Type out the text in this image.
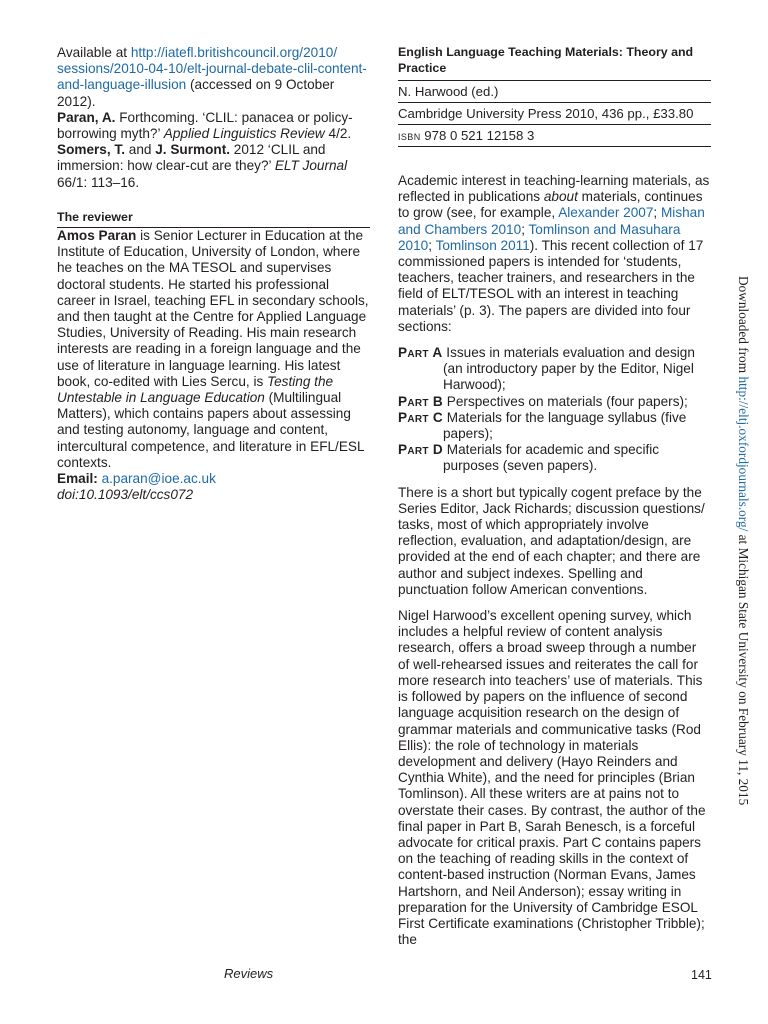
Available at http://iatefl.britishcouncil.org/2010/ sessions/2010-04-10/elt-journal-debate-clil-content-and-language-illusion (accessed on 9 October 2012).

Paran, A. Forthcoming. ‘CLIL: panacea or policy-borrowing myth?’ Applied Linguistics Review 4/2.

Somers, T. and J. Surmont. 2012 ‘CLIL and immersion: how clear-cut are they?’ ELT Journal 66/1: 113–16.

The reviewer

Amos Paran is Senior Lecturer in Education at the Institute of Education, University of London, where he teaches on the MA TESOL and supervises doctoral students. He started his professional career in Israel, teaching EFL in secondary schools, and then taught at the Centre for Applied Language Studies, University of Reading. His main research interests are reading in a foreign language and the use of literature in language learning. His latest book, co-edited with Lies Sercu, is Testing the Untestable in Language Education (Multilingual Matters), which contains papers about assessing and testing autonomy, language and content, intercultural competence, and literature in EFL/ESL contexts.

Email: a.paran@ioe.ac.uk

doi:10.1093/elt/ccs072

English Language Teaching Materials: Theory and Practice
N. Harwood (ed.)
Cambridge University Press 2010, 436 pp., £33.80
isbn 978 0 521 12158 3

Academic interest in teaching-learning materials, as reflected in publications about materials, continues to grow (see, for example, Alexander 2007; Mishan and Chambers 2010; Tomlinson and Masuhara 2010; Tomlinson 2011). This recent collection of 17 commissioned papers is intended for ‘students, teachers, teacher trainers, and researchers in the field of ELT/TESOL with an interest in teaching materials’ (p. 3). The papers are divided into four sections:

Part A Issues in materials evaluation and design (an introductory paper by the Editor, Nigel Harwood);

Part B Perspectives on materials (four papers);

Part C Materials for the language syllabus (five papers);

Part D Materials for academic and specific purposes (seven papers).

There is a short but typically cogent preface by the Series Editor, Jack Richards; discussion questions/ tasks, most of which appropriately involve reflection, evaluation, and adaptation/design, are provided at the end of each chapter; and there are author and subject indexes. Spelling and punctuation follow American conventions.

Nigel Harwood’s excellent opening survey, which includes a helpful review of content analysis research, offers a broad sweep through a number of well-rehearsed issues and reiterates the call for more research into teachers’ use of materials. This is followed by papers on the influence of second language acquisition research on the design of grammar materials and communicative tasks (Rod Ellis): the role of technology in materials development and delivery (Hayo Reinders and Cynthia White), and the need for principles (Brian Tomlinson). All these writers are at pains not to overstate their cases. By contrast, the author of the final paper in Part B, Sarah Benesch, is a forceful advocate for critical praxis. Part C contains papers on the teaching of reading skills in the context of content-based instruction (Norman Evans, James Hartshorn, and Neil Anderson); essay writing in preparation for the University of Cambridge ESOL First Certificate examinations (Christopher Tribble); the

Reviews	141
Downloaded from http://eltj.oxfordjournals.org/ at Michigan State University on February 11, 2015
